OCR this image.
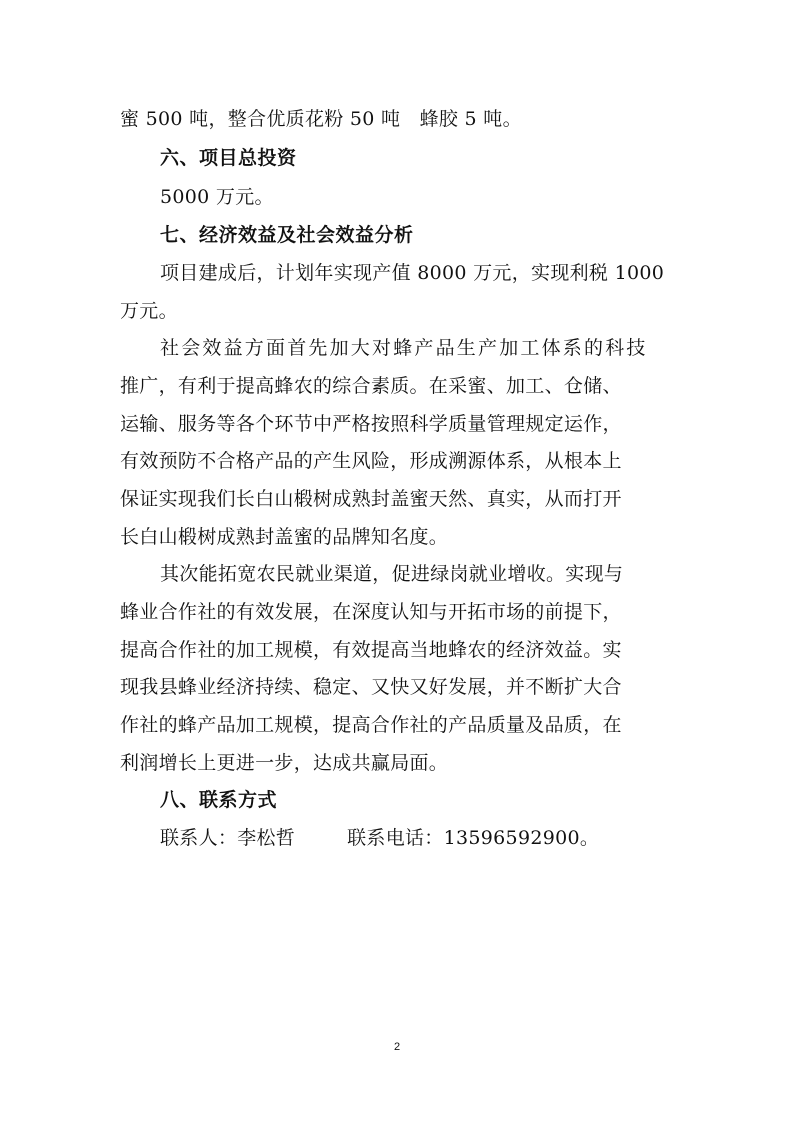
蜜 500 吨，整合优质花粉 50 吨　蜂胶 5 吨。
六、项目总投资
5000 万元。
七、经济效益及社会效益分析
项目建成后，计划年实现产值 8000 万元，实现利税 1000
万元。
社会效益方面首先加大对蜂产品生产加工体系的科技
推广，有利于提高蜂农的综合素质。在采蜜、加工、仓储、
运输、服务等各个环节中严格按照科学质量管理规定运作，
有效预防不合格产品的产生风险，形成溯源体系，从根本上
保证实现我们长白山椴树成熟封盖蜜天然、真实，从而打开
长白山椴树成熟封盖蜜的品牌知名度。
其次能拓宽农民就业渠道，促进绿岗就业增收。实现与
蜂业合作社的有效发展，在深度认知与开拓市场的前提下，
提高合作社的加工规模，有效提高当地蜂农的经济效益。实
现我县蜂业经济持续、稳定、又快又好发展，并不断扩大合
作社的蜂产品加工规模，提高合作社的产品质量及品质，在
利润增长上更进一步，达成共赢局面。
八、联系方式
联系人：李松哲	联系电话：13596592900。
2
